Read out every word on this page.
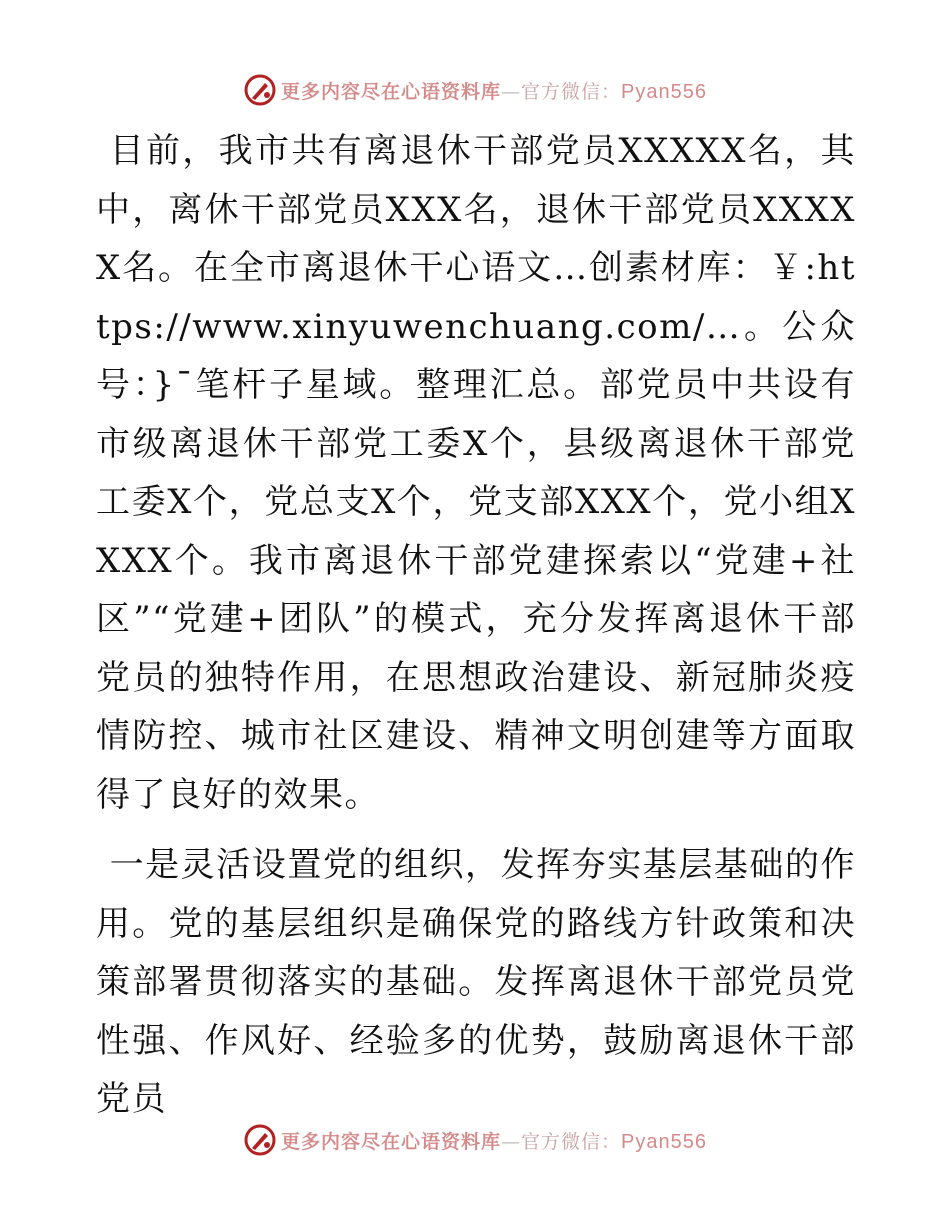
更多内容尽在心语资料库—官方微信：Pyan556

目前，我市共有离退休干部党员XXXXX名，其中，离休干部党员XXX名，退休干部党员XXXXX名。在全市离退休干心语文…创素材库：￥:https://www.xinyuwenchuang.com/…。公众号：}¯笔杆子星域。整理汇总。部党员中共设有市级离退休干部党工委X个，县级离退休干部党工委X个，党总支X个，党支部XXX个，党小组XXXX个。我市离退休干部党建探索以“党建+社区”“党建+团队”的模式，充分发挥离退休干部党员的独特作用，在思想政治建设、新冠肺炎疫情防控、城市社区建设、精神文明创建等方面取得了良好的效果。

一是灵活设置党的组织，发挥夯实基层基础的作用。党的基层组织是确保党的路线方针政策和决策部署贯彻落实的基础。发挥离退休干部党员党性强、作风好、经验多的优势，鼓励离退休干部党员

更多内容尽在心语资料库—官方微信：Pyan556
